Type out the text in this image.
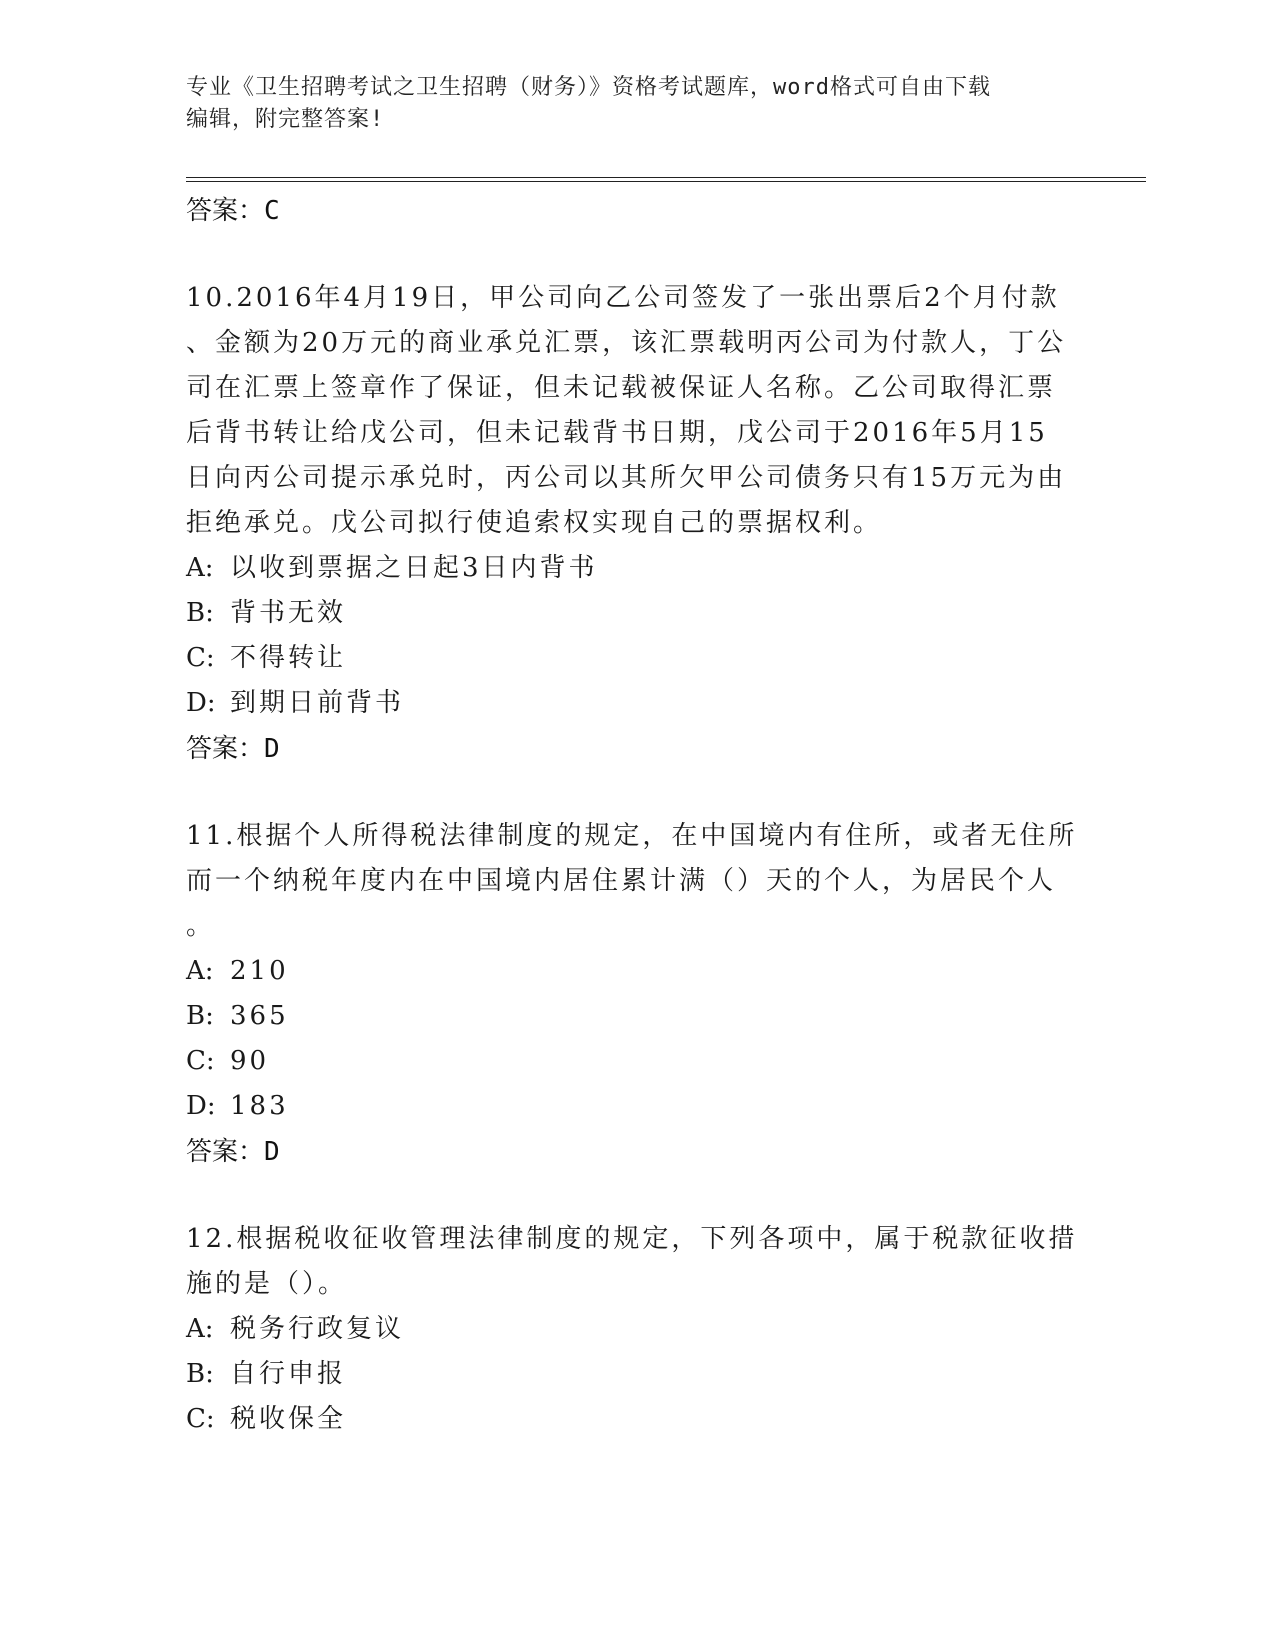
专业《卫生招聘考试之卫生招聘（财务）》资格考试题库，word格式可自由下载
编辑，附完整答案!
答案：C
10.2016年4月19日，甲公司向乙公司签发了一张出票后2个月付款
、金额为20万元的商业承兑汇票，该汇票载明丙公司为付款人，丁公
司在汇票上签章作了保证，但未记载被保证人名称。乙公司取得汇票
后背书转让给戊公司，但未记载背书日期，戊公司于2016年5月15
日向丙公司提示承兑时，丙公司以其所欠甲公司债务只有15万元为由
拒绝承兑。戊公司拟行使追索权实现自己的票据权利。
A: 以收到票据之日起3日内背书
B: 背书无效
C: 不得转让
D: 到期日前背书
答案：D
11.根据个人所得税法律制度的规定，在中国境内有住所，或者无住所
而一个纳税年度内在中国境内居住累计满（）天的个人，为居民个人
。
A: 210
B: 365
C: 90
D: 183
答案：D
12.根据税收征收管理法律制度的规定，下列各项中，属于税款征收措
施的是（）。
A: 税务行政复议
B: 自行申报
C: 税收保全
